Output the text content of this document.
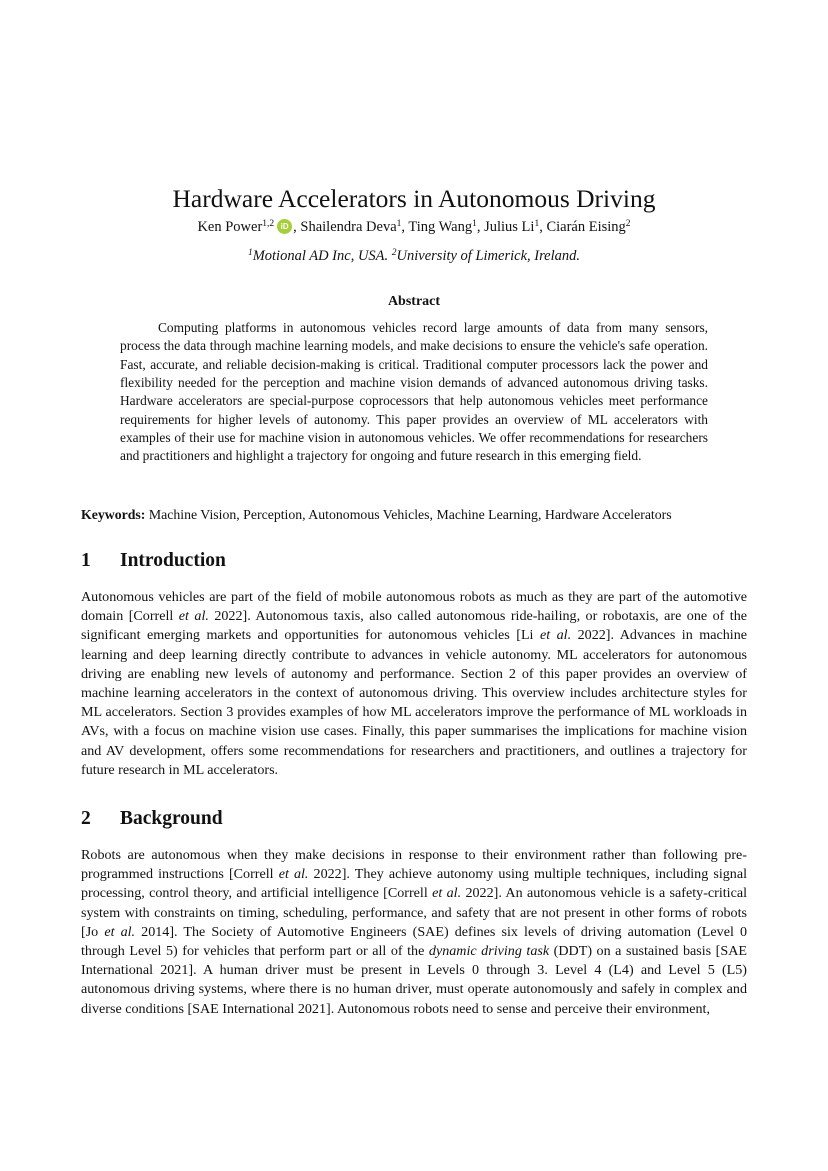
Hardware Accelerators in Autonomous Driving
Ken Power$^{1,2}$ iD , Shailendra Deva$^1$, Ting Wang$^1$, Julius Li$^1$, Ciarán Eising$^2$
$^1$Motional AD Inc, USA. $^2$University of Limerick, Ireland.
Abstract

Computing platforms in autonomous vehicles record large amounts of data from many sensors, process the data through machine learning models, and make decisions to ensure the vehicle's safe operation. Fast, accurate, and reliable decision-making is critical. Traditional computer processors lack the power and flexibility needed for the perception and machine vision demands of advanced autonomous driving tasks. Hardware accelerators are special-purpose coprocessors that help autonomous vehicles meet performance requirements for higher levels of autonomy. This paper provides an overview of ML accelerators with examples of their use for machine vision in autonomous vehicles. We offer recommendations for researchers and practitioners and highlight a trajectory for ongoing and future research in this emerging field.

Keywords: Machine Vision, Perception, Autonomous Vehicles, Machine Learning, Hardware Accelerators
1 Introduction

Autonomous vehicles are part of the field of mobile autonomous robots as much as they are part of the automotive domain [Correll et al. 2022]. Autonomous taxis, also called autonomous ride-hailing, or robotaxis, are one of the significant emerging markets and opportunities for autonomous vehicles [Li et al. 2022]. Advances in machine learning and deep learning directly contribute to advances in vehicle autonomy. ML accelerators for autonomous driving are enabling new levels of autonomy and performance. Section 2 of this paper provides an overview of machine learning accelerators in the context of autonomous driving. This overview includes architecture styles for ML accelerators. Section 3 provides examples of how ML accelerators improve the performance of ML workloads in AVs, with a focus on machine vision use cases. Finally, this paper summarises the implications for machine vision and AV development, offers some recommendations for researchers and practitioners, and outlines a trajectory for future research in ML accelerators.

2 Background

Robots are autonomous when they make decisions in response to their environment rather than following pre-programmed instructions [Correll et al. 2022]. They achieve autonomy using multiple techniques, including signal processing, control theory, and artificial intelligence [Correll et al. 2022]. An autonomous vehicle is a safety-critical system with constraints on timing, scheduling, performance, and safety that are not present in other forms of robots [Jo et al. 2014]. The Society of Automotive Engineers (SAE) defines six levels of driving automation (Level 0 through Level 5) for vehicles that perform part or all of the dynamic driving task (DDT) on a sustained basis [SAE International 2021]. A human driver must be present in Levels 0 through 3. Level 4 (L4) and Level 5 (L5) autonomous driving systems, where there is no human driver, must operate autonomously and safely in complex and diverse conditions [SAE International 2021]. Autonomous robots need to sense and perceive their environment,
